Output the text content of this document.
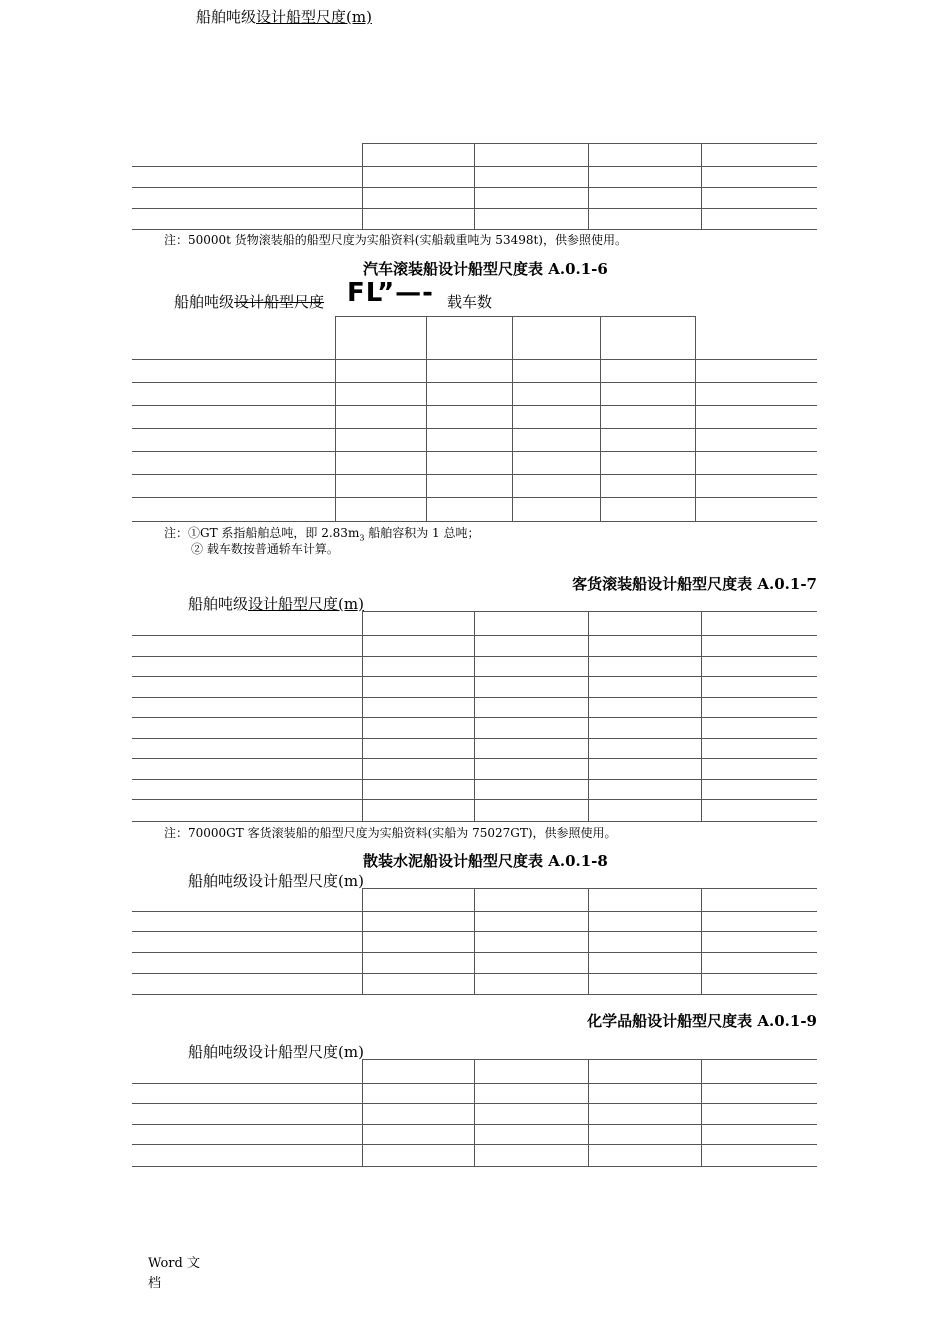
船舶吨级设计船型尺度(m)
注：50000t 货物滚装船的船型尺度为实船资料(实船载重吨为 53498t)，供参照使用。
汽车滚装船设计船型尺度表 A.0.1-6
船舶吨级设计船型尺度 FL”—- 载车数
注：①GT 系指船舶总吨，即 $2.83m_3$ 船舶容积为 1 总吨；
② 载车数按普通轿车计算。
客货滚装船设计船型尺度表 A.0.1-7
船舶吨级设计船型尺度(m)
注：70000GT 客货滚装船的船型尺度为实船资料(实船为 75027GT)，供参照使用。
散装水泥船设计船型尺度表 A.0.1-8
船舶吨级设计船型尺度(m)
化学品船设计船型尺度表 A.0.1-9
船舶吨级设计船型尺度(m)
Word 文
档
